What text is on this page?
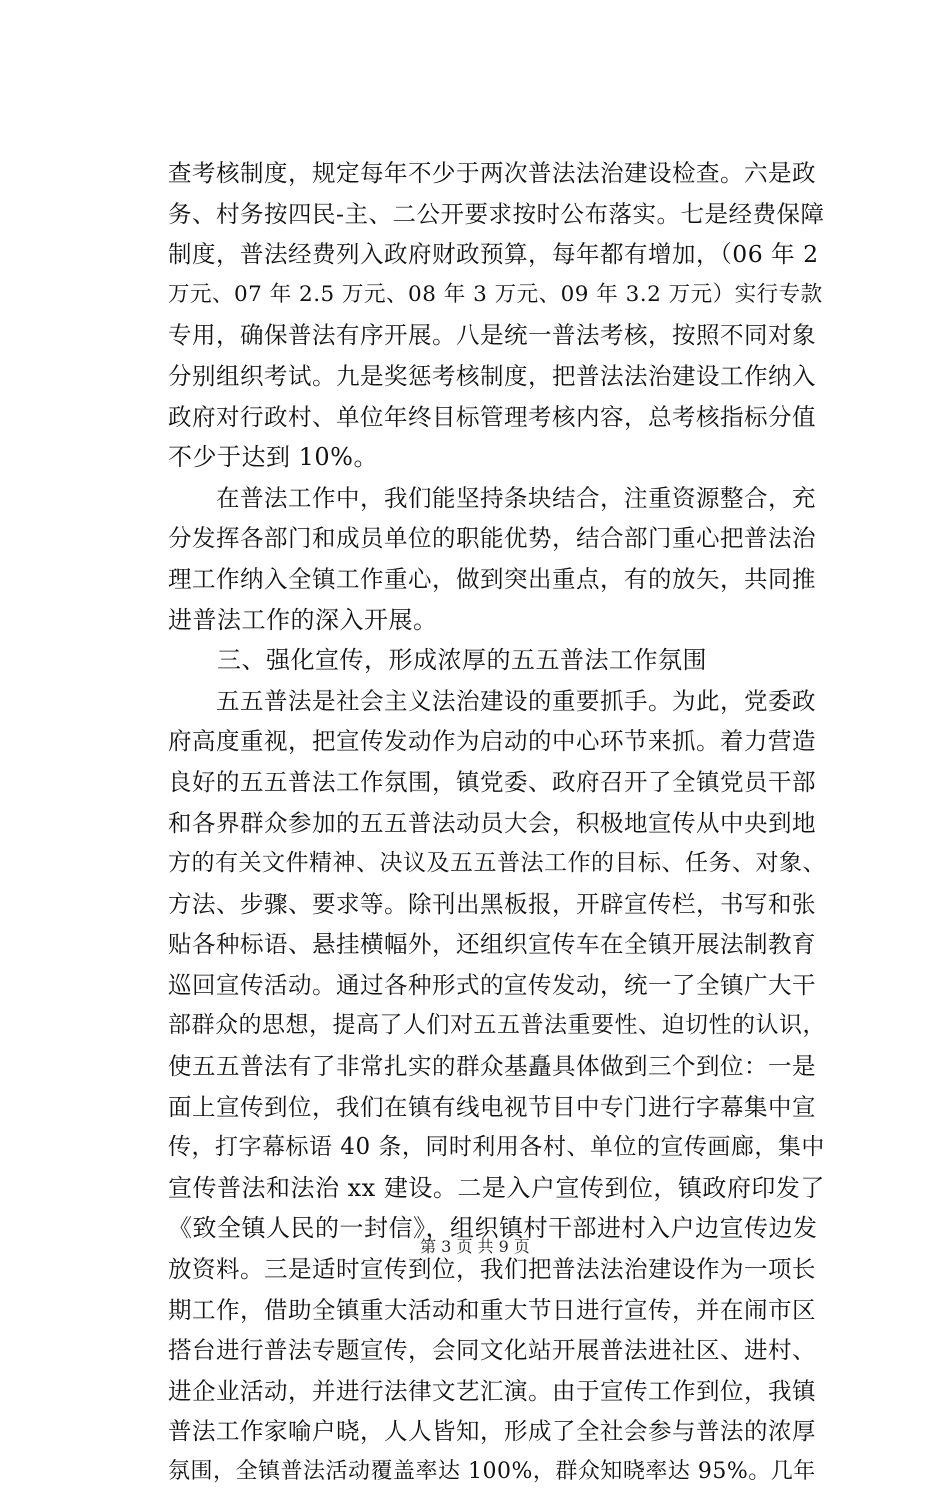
查考核制度，规定每年不少于两次普法法治建设检查。六是政
务、村务按四民-主、二公开要求按时公布落实。七是经费保障
制度，普法经费列入政府财政预算，每年都有增加，（06 年 2
万元、07 年 2.5 万元、08 年 3 万元、09 年 3.2 万元）实行专款
专用，确保普法有序开展。八是统一普法考核，按照不同对象
分别组织考试。九是奖惩考核制度，把普法法治建设工作纳入
政府对行政村、单位年终目标管理考核内容，总考核指标分值
不少于达到 10%。
　　在普法工作中，我们能坚持条块结合，注重资源整合，充
分发挥各部门和成员单位的职能优势，结合部门重心把普法治
理工作纳入全镇工作重心，做到突出重点，有的放矢，共同推
进普法工作的深入开展。
　　三、强化宣传，形成浓厚的五五普法工作氛围
　　五五普法是社会主义法治建设的重要抓手。为此，党委政
府高度重视，把宣传发动作为启动的中心环节来抓。着力营造
良好的五五普法工作氛围，镇党委、政府召开了全镇党员干部
和各界群众参加的五五普法动员大会，积极地宣传从中央到地
方的有关文件精神、决议及五五普法工作的目标、任务、对象、
方法、步骤、要求等。除刊出黑板报，开辟宣传栏，书写和张
贴各种标语、悬挂横幅外，还组织宣传车在全镇开展法制教育
巡回宣传活动。通过各种形式的宣传发动，统一了全镇广大干
部群众的思想，提高了人们对五五普法重要性、迫切性的认识，
使五五普法有了非常扎实的群众基矗具体做到三个到位：一是
面上宣传到位，我们在镇有线电视节目中专门进行字幕集中宣
传，打字幕标语 40 条，同时利用各村、单位的宣传画廊，集中
宣传普法和法治 xx 建设。二是入户宣传到位，镇政府印发了
《致全镇人民的一封信》，组织镇村干部进村入户边宣传边发
放资料。三是适时宣传到位，我们把普法法治建设作为一项长
期工作，借助全镇重大活动和重大节日进行宣传，并在闹市区
搭台进行普法专题宣传，会同文化站开展普法进社区、进村、
进企业活动，并进行法律文艺汇演。由于宣传工作到位，我镇
普法工作家喻户晓，人人皆知，形成了全社会参与普法的浓厚
氛围，全镇普法活动覆盖率达 100%，群众知晓率达 95%。几年
第 3 页 共 9 页
